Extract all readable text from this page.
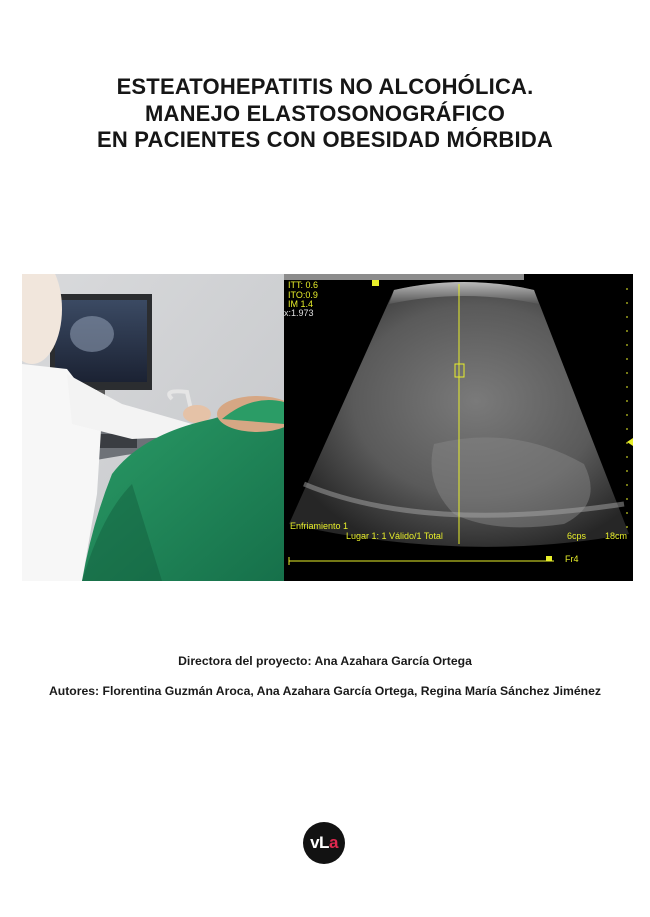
ESTEATOHEPATITIS NO ALCOHÓLICA.
MANEJO ELASTOSONOGRÁFICO
EN PACIENTES CON OBESIDAD MÓRBIDA
ITT: 0.6
ITO:0.9
IM 1.4
x:1.973
Enfriamiento 1
Lugar 1: 1 Válido/1 Total	6cps 18cm
Fr4
Directora del proyecto: Ana Azahara García Ortega
Autores: Florentina Guzmán Aroca, Ana Azahara García Ortega, Regina María Sánchez Jiménez
v L a
